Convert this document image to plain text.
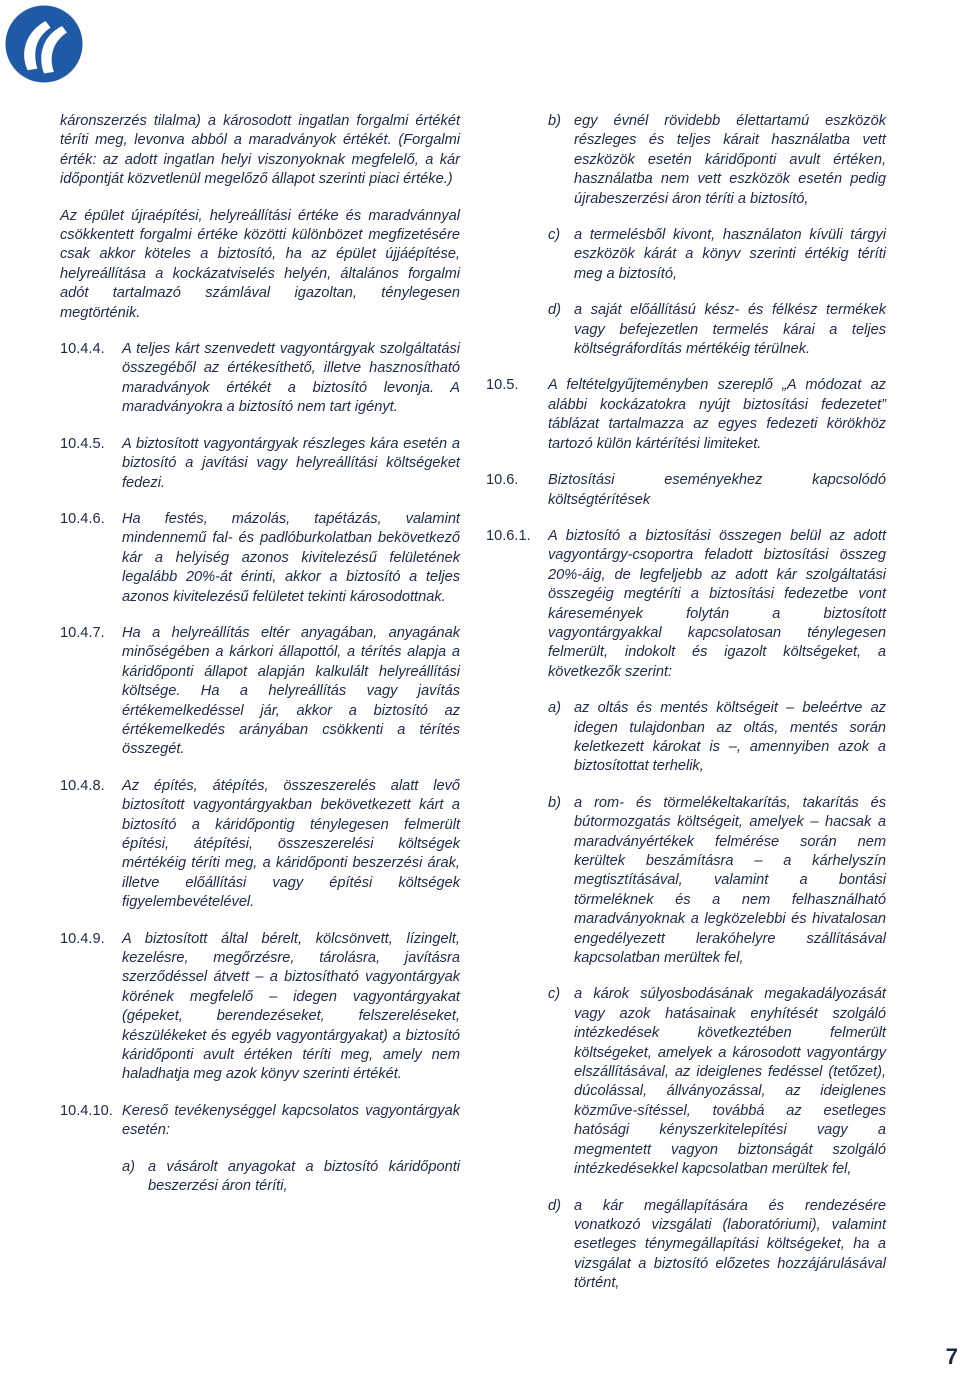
káronszerzés tilalma) a károsodott ingatlan forgalmi értékét téríti meg, levonva abból a maradványok értékét. (Forgalmi érték: az adott ingatlan helyi viszonyoknak megfelelő, a kár időpontját közvetlenül megelőző állapot szerinti piaci értéke.)

Az épület újraépítési, helyreállítási értéke és maradvánnyal csökkentett forgalmi értéke közötti különbözet megfizetésére csak akkor köteles a biztosító, ha az épület újjáépítése, helyreállítása a kockázatviselés helyén, általános forgalmi adót tartalmazó számlával igazoltan, ténylegesen megtörténik.

10.4.4.	A teljes kárt szenvedett vagyontárgyak szolgáltatási összegéből az értékesíthető, illetve hasznosítható maradványok értékét a biztosító levonja. A maradványokra a biztosító nem tart igényt.
10.4.5.	A biztosított vagyontárgyak részleges kára esetén a biztosító a javítási vagy helyreállítási költségeket fedezi.
10.4.6.	Ha festés, mázolás, tapétázás, valamint mindennemű fal- és padlóburkolatban bekövetkező kár a helyiség azonos kivitelezésű felületének legalább 20%-át érinti, akkor a biztosító a teljes azonos kivitelezésű felületet tekinti károsodottnak.
10.4.7.	Ha a helyreállítás eltér anyagában, anyagának minőségében a kárkori állapottól, a térítés alapja a káridőponti állapot alapján kalkulált helyreállítási költsége. Ha a helyreállítás vagy javítás értékemelkedéssel jár, akkor a biztosító az értékemelkedés arányában csökkenti a térítés összegét.
10.4.8.	Az építés, átépítés, összeszerelés alatt levő biztosított vagyontárgyakban bekövetkezett kárt a biztosító a káridőpontig ténylegesen felmerült építési, átépítési, összeszerelési költségek mértékéig téríti meg, a káridőponti beszerzési árak, illetve előállítási vagy építési költségek figyelembevételével.
10.4.9.	A biztosított által bérelt, kölcsönvett, lízingelt, kezelésre, megőrzésre, tárolásra, javításra szerződéssel átvett – a biztosítható vagyontárgyak körének megfelelő – idegen vagyontárgyakat (gépeket, berendezéseket, felszereléseket, készülékeket és egyéb vagyontárgyakat) a biztosító káridőponti avult értéken téríti meg, amely nem haladhatja meg azok könyv szerinti értékét.
10.4.10. Kereső tevékenységgel kapcsolatos vagyontárgyak esetén:
a) a vásárolt anyagokat a biztosító káridőponti beszerzési áron téríti,
b) egy évnél rövidebb élettartamú eszközök részleges és teljes kárait használatba vett eszközök esetén káridőponti avult értéken, használatba nem vett eszközök esetén pedig újrabeszerzési áron téríti a biztosító,
c) a termelésből kivont, használaton kívüli tárgyi eszközök kárát a könyv szerinti értékig téríti meg a biztosító,
d) a saját előállítású kész- és félkész termékek vagy befejezetlen termelés kárai a teljes költségráfordítás mértékéig térülnek.
10.5.	A feltételgyűjteményben szereplő „A módozat az alábbi kockázatokra nyújt biztosítási fedezetet” táblázat tartalmazza az egyes fedezeti körökhöz tartozó külön kártérítési limiteket.
10.6.	Biztosítási eseményekhez kapcsolódó költségtérítések
10.6.1.	A biztosító a biztosítási összegen belül az adott vagyontárgy-csoportra feladott biztosítási összeg 20%-áig, de legfeljebb az adott kár szolgáltatási összegéig megtéríti a biztosítási fedezetbe vont káresemények folytán a biztosított vagyontárgyakkal kapcsolatosan ténylegesen felmerült, indokolt és igazolt költségeket, a következők szerint:
a) az oltás és mentés költségeit – beleértve az idegen tulajdonban az oltás, mentés során keletkezett károkat is –, amennyiben azok a biztosítottat terhelik,
b) a rom- és törmelékeltakarítás, takarítás és bútormozgatás költségeit, amelyek – hacsak a maradványértékek felmérése során nem kerültek beszámításra – a kárhelyszín megtisztításával, valamint a bontási törmeléknek és a nem felhasználható maradványoknak a legközelebbi és hivatalosan engedélyezett lerakóhelyre szállításával kapcsolatban merültek fel,
c) a károk súlyosbodásának megakadályozását vagy azok hatásainak enyhítését szolgáló intézkedések következtében felmerült költségeket, amelyek a károsodott vagyontárgy elszállításával, az ideiglenes fedéssel (tetőzet), dúcolással, állványozással, az ideiglenes közműve-sítéssel, továbbá az esetleges hatósági kényszerkitelepítési vagy a megmentett vagyon biztonságát szolgáló intézkedésekkel kapcsolatban merültek fel,
d) a kár megállapítására és rendezésére vonatkozó vizsgálati (laboratóriumi), valamint esetleges ténymegállapítási költségeket, ha a vizsgálat a biztosító előzetes hozzájárulásával történt,
7
